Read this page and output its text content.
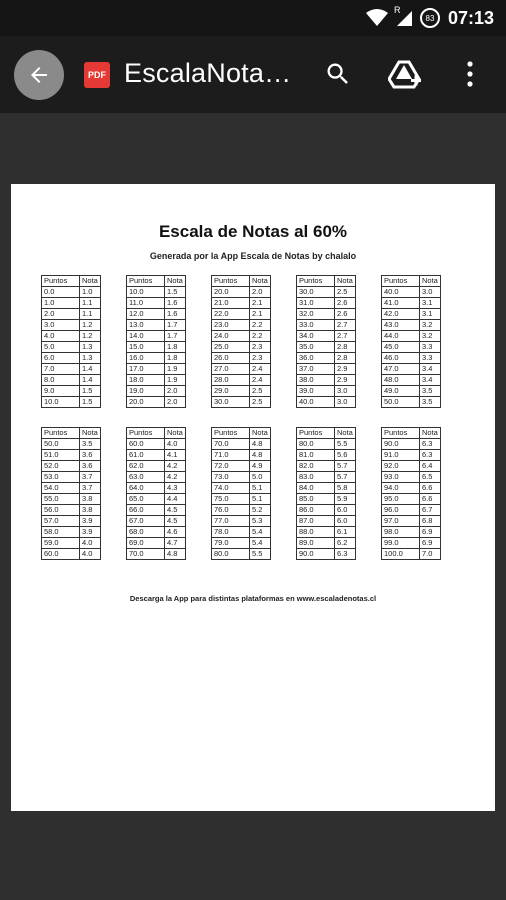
R
83 07:13
PDF EscalaNota…
Escala de Notas al 60%
Generada por la App Escala de Notas by chalalo
Puntos	Nota
0.0	1.0
1.0	1.1
2.0	1.1
3.0	1.2
4.0	1.2
5.0	1.3
6.0	1.3
7.0	1.4
8.0	1.4
9.0	1.5
10.0	1.5
Puntos	Nota
10.0	1.5
11.0	1.6
12.0	1.6
13.0	1.7
14.0	1.7
15.0	1.8
16.0	1.8
17.0	1.9
18.0	1.9
19.0	2.0
20.0	2.0
Puntos	Nota
20.0	2.0
21.0	2.1
22.0	2.1
23.0	2.2
24.0	2.2
25.0	2.3
26.0	2.3
27.0	2.4
28.0	2.4
29.0	2.5
30.0	2.5
Puntos	Nota
30.0	2.5
31.0	2.6
32.0	2.6
33.0	2.7
34.0	2.7
35.0	2.8
36.0	2.8
37.0	2.9
38.0	2.9
39.0	3.0
40.0	3.0
Puntos	Nota
40.0	3.0
41.0	3.1
42.0	3.1
43.0	3.2
44.0	3.2
45.0	3.3
46.0	3.3
47.0	3.4
48.0	3.4
49.0	3.5
50.0	3.5
Puntos	Nota
50.0	3.5
51.0	3.6
52.0	3.6
53.0	3.7
54.0	3.7
55.0	3.8
56.0	3.8
57.0	3.9
58.0	3.9
59.0	4.0
60.0	4.0
Puntos	Nota
60.0	4.0
61.0	4.1
62.0	4.2
63.0	4.2
64.0	4.3
65.0	4.4
66.0	4.5
67.0	4.5
68.0	4.6
69.0	4.7
70.0	4.8
Puntos	Nota
70.0	4.8
71.0	4.8
72.0	4.9
73.0	5.0
74.0	5.1
75.0	5.1
76.0	5.2
77.0	5.3
78.0	5.4
79.0	5.4
80.0	5.5
Puntos	Nota
80.0	5.5
81.0	5.6
82.0	5.7
83.0	5.7
84.0	5.8
85.0	5.9
86.0	6.0
87.0	6.0
88.0	6.1
89.0	6.2
90.0	6.3
Puntos	Nota
90.0	6.3
91.0	6.3
92.0	6.4
93.0	6.5
94.0	6.6
95.0	6.6
96.0	6.7
97.0	6.8
98.0	6.9
99.0	6.9
100.0	7.0
Descarga la App para distintas plataformas en www.escaladenotas.cl
